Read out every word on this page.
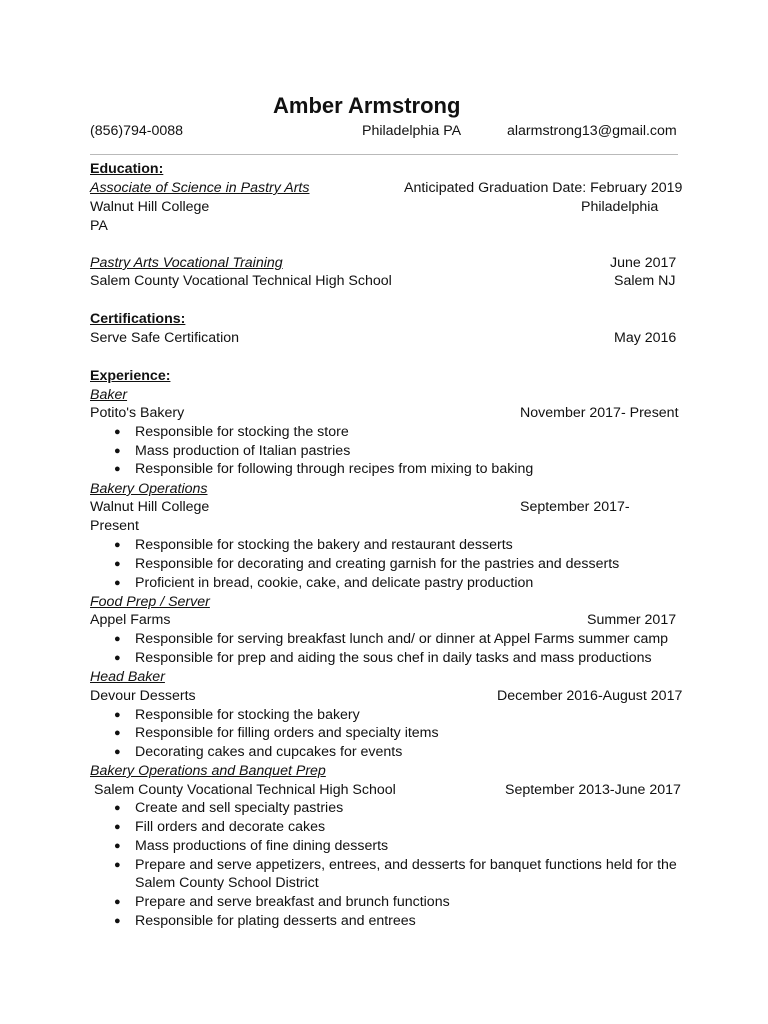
Amber Armstrong
(856)794-0088	Philadelphia PA	alarmstrong13@gmail.com
Education:
Associate of Science in Pastry Arts	Anticipated Graduation Date: February 2019
Walnut Hill College	Philadelphia
PA
Pastry Arts Vocational Training	June 2017
Salem County Vocational Technical High School	Salem NJ
Certifications:
Serve Safe Certification	May 2016
Experience:
Baker
Potito's Bakery	November 2017- Present
● Responsible for stocking the store
● Mass production of Italian pastries
● Responsible for following through recipes from mixing to baking
Bakery Operations
Walnut Hill College	September 2017-
Present
● Responsible for stocking the bakery and restaurant desserts
● Responsible for decorating and creating garnish for the pastries and desserts
● Proficient in bread, cookie, cake, and delicate pastry production
Food Prep / Server
Appel Farms	Summer 2017
● Responsible for serving breakfast lunch and/ or dinner at Appel Farms summer camp
● Responsible for prep and aiding the sous chef in daily tasks and mass productions
Head Baker
Devour Desserts	December 2016-August 2017
● Responsible for stocking the bakery
● Responsible for filling orders and specialty items
● Decorating cakes and cupcakes for events
Bakery Operations and Banquet Prep
Salem County Vocational Technical High School	September 2013-June 2017
● Create and sell specialty pastries
● Fill orders and decorate cakes
● Mass productions of fine dining desserts
● Prepare and serve appetizers, entrees, and desserts for banquet functions held for the
Salem County School District
● Prepare and serve breakfast and brunch functions
● Responsible for plating desserts and entrees
